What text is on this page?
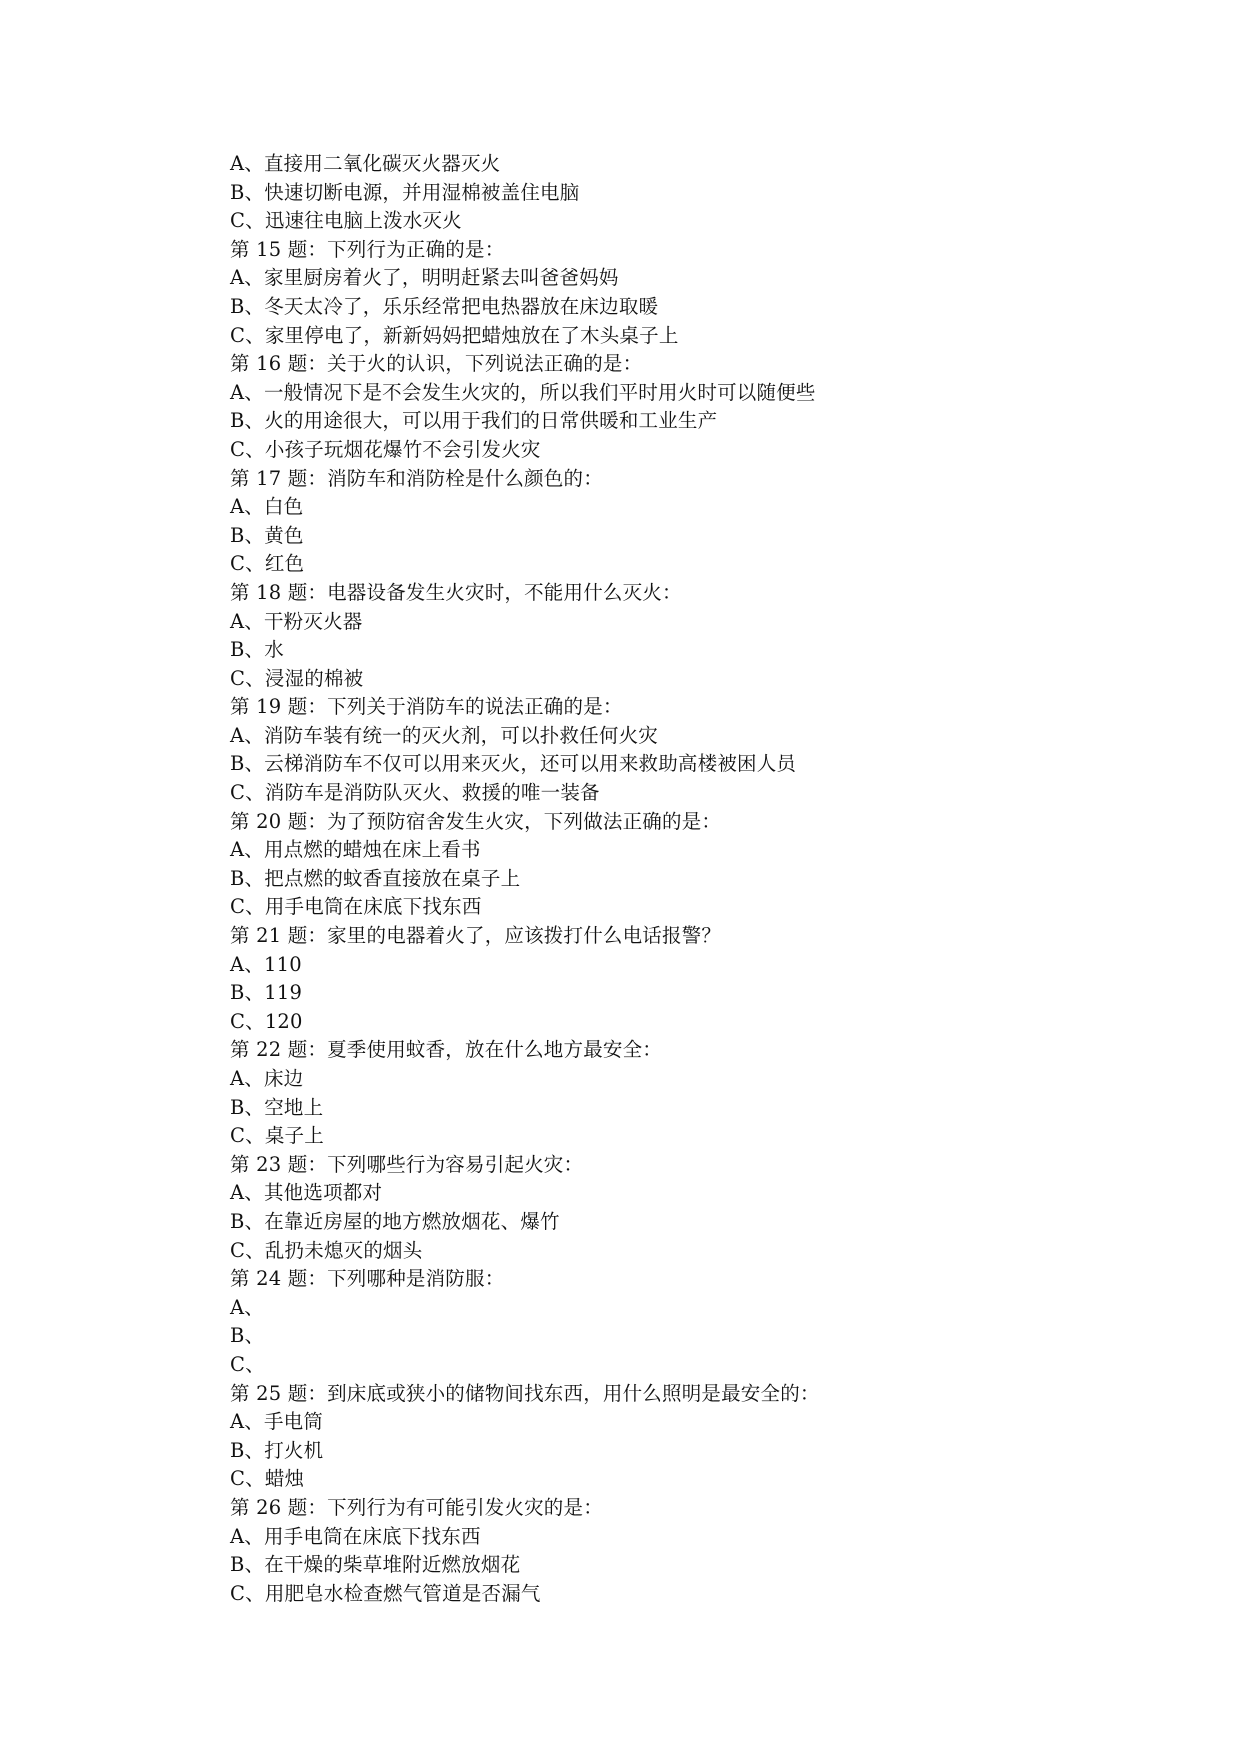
A、直接用二氧化碳灭火器灭火
B、快速切断电源，并用湿棉被盖住电脑
C、迅速往电脑上泼水灭火
第 15 题：下列行为正确的是：
A、家里厨房着火了，明明赶紧去叫爸爸妈妈
B、冬天太冷了，乐乐经常把电热器放在床边取暖
C、家里停电了，新新妈妈把蜡烛放在了木头桌子上
第 16 题：关于火的认识，下列说法正确的是：
A、一般情况下是不会发生火灾的，所以我们平时用火时可以随便些
B、火的用途很大，可以用于我们的日常供暖和工业生产
C、小孩子玩烟花爆竹不会引发火灾
第 17 题：消防车和消防栓是什么颜色的：
A、白色
B、黄色
C、红色
第 18 题：电器设备发生火灾时，不能用什么灭火：
A、干粉灭火器
B、水
C、浸湿的棉被
第 19 题：下列关于消防车的说法正确的是：
A、消防车装有统一的灭火剂，可以扑救任何火灾
B、云梯消防车不仅可以用来灭火，还可以用来救助高楼被困人员
C、消防车是消防队灭火、救援的唯一装备
第 20 题：为了预防宿舍发生火灾，下列做法正确的是：
A、用点燃的蜡烛在床上看书
B、把点燃的蚊香直接放在桌子上
C、用手电筒在床底下找东西
第 21 题：家里的电器着火了，应该拨打什么电话报警？
A、110
B、119
C、120
第 22 题：夏季使用蚊香，放在什么地方最安全：
A、床边
B、空地上
C、桌子上
第 23 题：下列哪些行为容易引起火灾：
A、其他选项都对
B、在靠近房屋的地方燃放烟花、爆竹
C、乱扔未熄灭的烟头
第 24 题：下列哪种是消防服：
A、
B、
C、
第 25 题：到床底或狭小的储物间找东西，用什么照明是最安全的：
A、手电筒
B、打火机
C、蜡烛
第 26 题：下列行为有可能引发火灾的是：
A、用手电筒在床底下找东西
B、在干燥的柴草堆附近燃放烟花
C、用肥皂水检查燃气管道是否漏气
